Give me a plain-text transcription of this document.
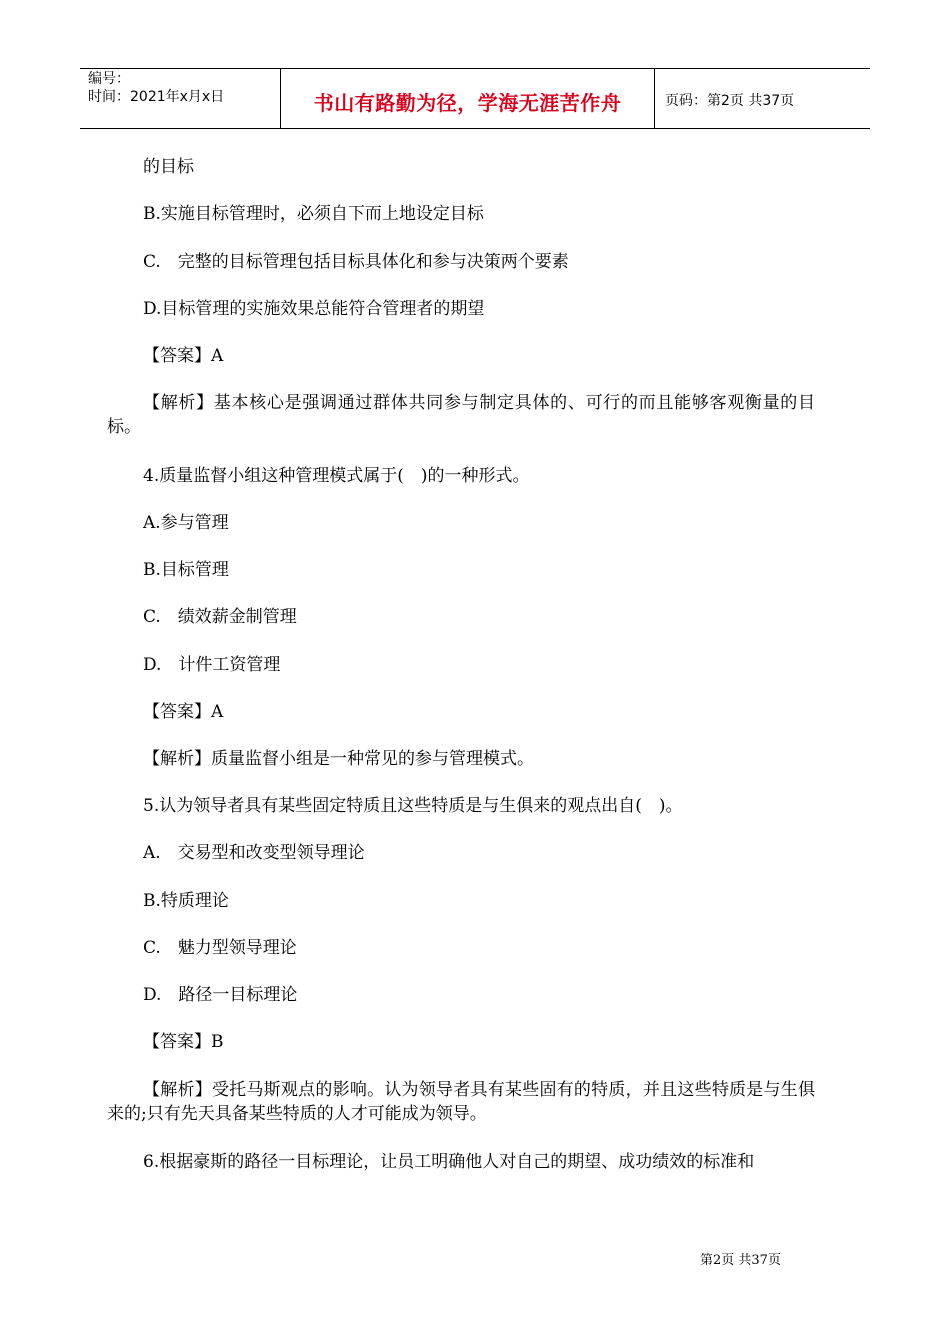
编号：
时间：2021年x月x日	书山有路勤为径，学海无涯苦作舟	页码：第2页 共37页
的目标
B.实施目标管理时，必须自下而上地设定目标
C.　完整的目标管理包括目标具体化和参与决策两个要素
D.目标管理的实施效果总能符合管理者的期望
【答案】A
【解析】基本核心是强调通过群体共同参与制定具体的、可行的而且能够客观衡量的目标。
4.质量监督小组这种管理模式属于(　)的一种形式。
A.参与管理
B.目标管理
C.　绩效薪金制管理
D.　计件工资管理
【答案】A
【解析】质量监督小组是一种常见的参与管理模式。
5.认为领导者具有某些固定特质且这些特质是与生俱来的观点出自(　)。
A.　交易型和改变型领导理论
B.特质理论
C.　魅力型领导理论
D.　路径一目标理论
【答案】B
【解析】受托马斯观点的影响。认为领导者具有某些固有的特质，并且这些特质是与生俱来的;只有先天具备某些特质的人才可能成为领导。
6.根据豪斯的路径一目标理论，让员工明确他人对自己的期望、成功绩效的标准和
第2页 共37页
